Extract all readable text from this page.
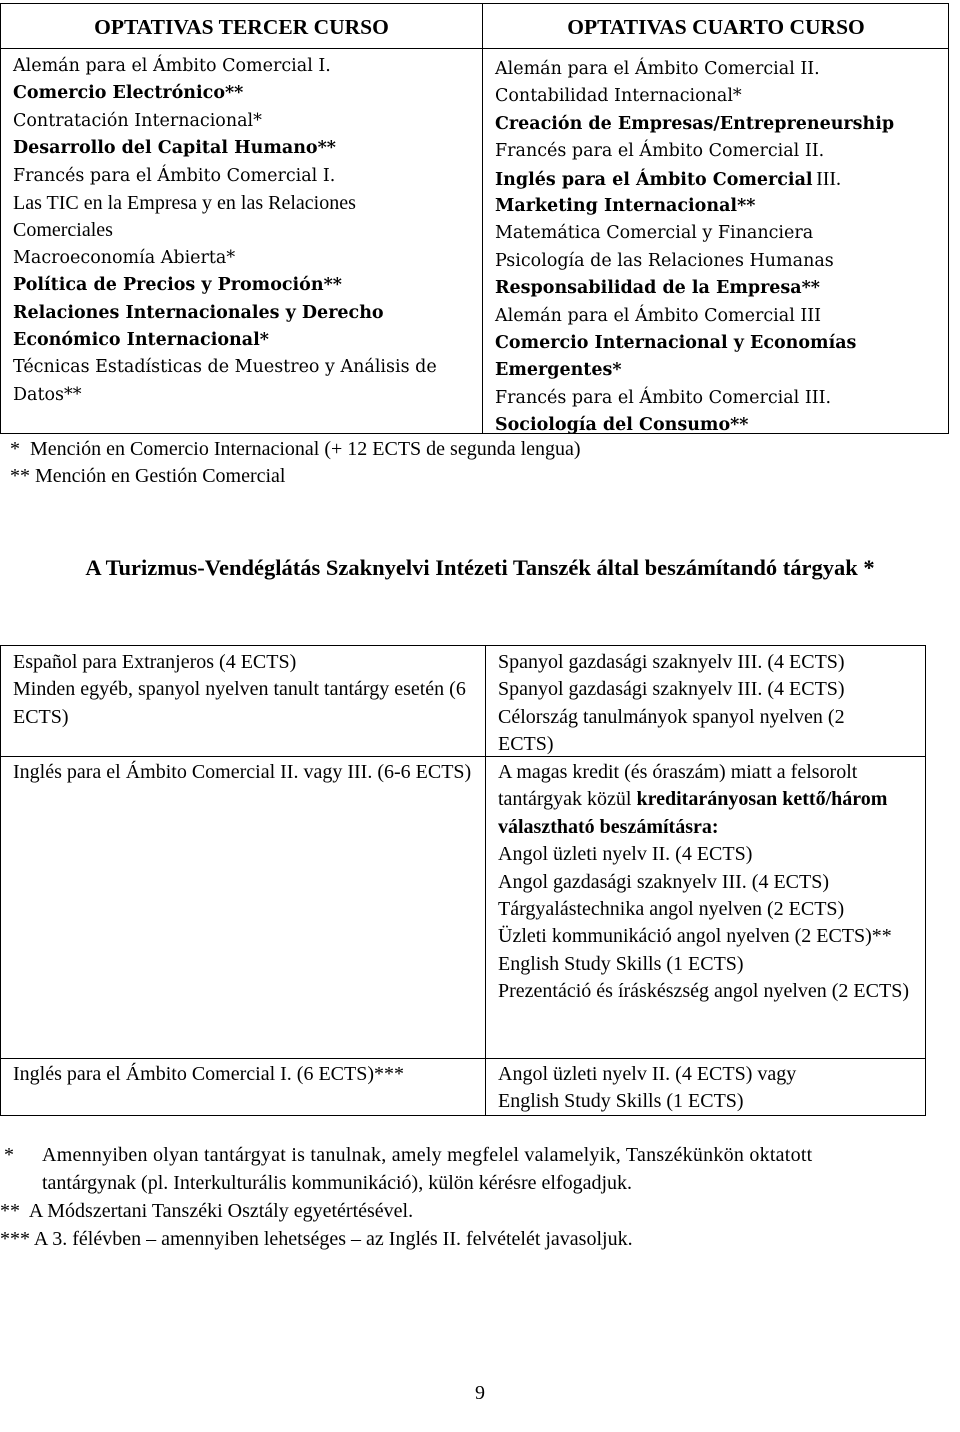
OPTATIVAS TERCER CURSO	OPTATIVAS CUARTO CURSO
Alemán para el Ámbito Comercial I.
Comercio Electrónico**
Contratación Internacional*
Desarrollo del Capital Humano**
Francés para el Ámbito Comercial I.
Las TIC en la Empresa y en las Relaciones
Comerciales
Macroeconomía Abierta*
Política de Precios y Promoción**
Relaciones Internacionales y Derecho
Económico Internacional*
Técnicas Estadísticas de Muestreo y Análisis de
Datos**
Alemán para el Ámbito Comercial II.
Contabilidad Internacional*
Creación de Empresas/Entrepreneurship
Francés para el Ámbito Comercial II.
Inglés para el Ámbito Comercial  III.
Marketing Internacional**
Matemática Comercial y Financiera
Psicología de las Relaciones Humanas
Responsabilidad de la Empresa**
Alemán para el Ámbito Comercial III
Comercio Internacional y Economías
Emergentes*
Francés para el Ámbito Comercial III.
Sociología del Consumo**
*  Mención en Comercio Internacional (+ 12 ECTS de segunda lengua)
** Mención en Gestión Comercial
A Turizmus-Vendéglátás Szaknyelvi Intézeti Tanszék által beszámítandó tárgyak *
Español para Extranjeros (4 ECTS)
Minden egyéb, spanyol nyelven tanult tantárgy esetén (6 ECTS)
Spanyol gazdasági szaknyelv III. (4 ECTS)
Spanyol gazdasági szaknyelv III. (4 ECTS)
Célország tanulmányok spanyol nyelven (2 ECTS)
Inglés para el Ámbito Comercial II. vagy III. (6-6 ECTS) A magas kredit (és óraszám) miatt a felsorolt tantárgyak közül kreditarányosan kettő/három választható beszámításra:
Angol üzleti nyelv II. (4 ECTS)
Angol gazdasági szaknyelv III. (4 ECTS)
Tárgyalástechnika angol nyelven (2 ECTS)
Üzleti kommunikáció angol nyelven (2 ECTS)**
English Study Skills (1 ECTS)
Prezentáció és íráskészség angol nyelven (2 ECTS)
Inglés para el Ámbito Comercial I. (6 ECTS)***	Angol üzleti nyelv II. (4 ECTS) vagy
English Study Skills (1 ECTS)
* Amennyiben olyan tantárgyat is tanulnak, amely megfelel valamelyik, Tanszékünkön oktatott
tantárgynak (pl. Interkulturális kommunikáció), külön kérésre elfogadjuk.
** A Módszertani Tanszéki Osztály egyetértésével.
*** A 3. félévben – amennyiben lehetséges – az Inglés II. felvételét javasoljuk.
9
